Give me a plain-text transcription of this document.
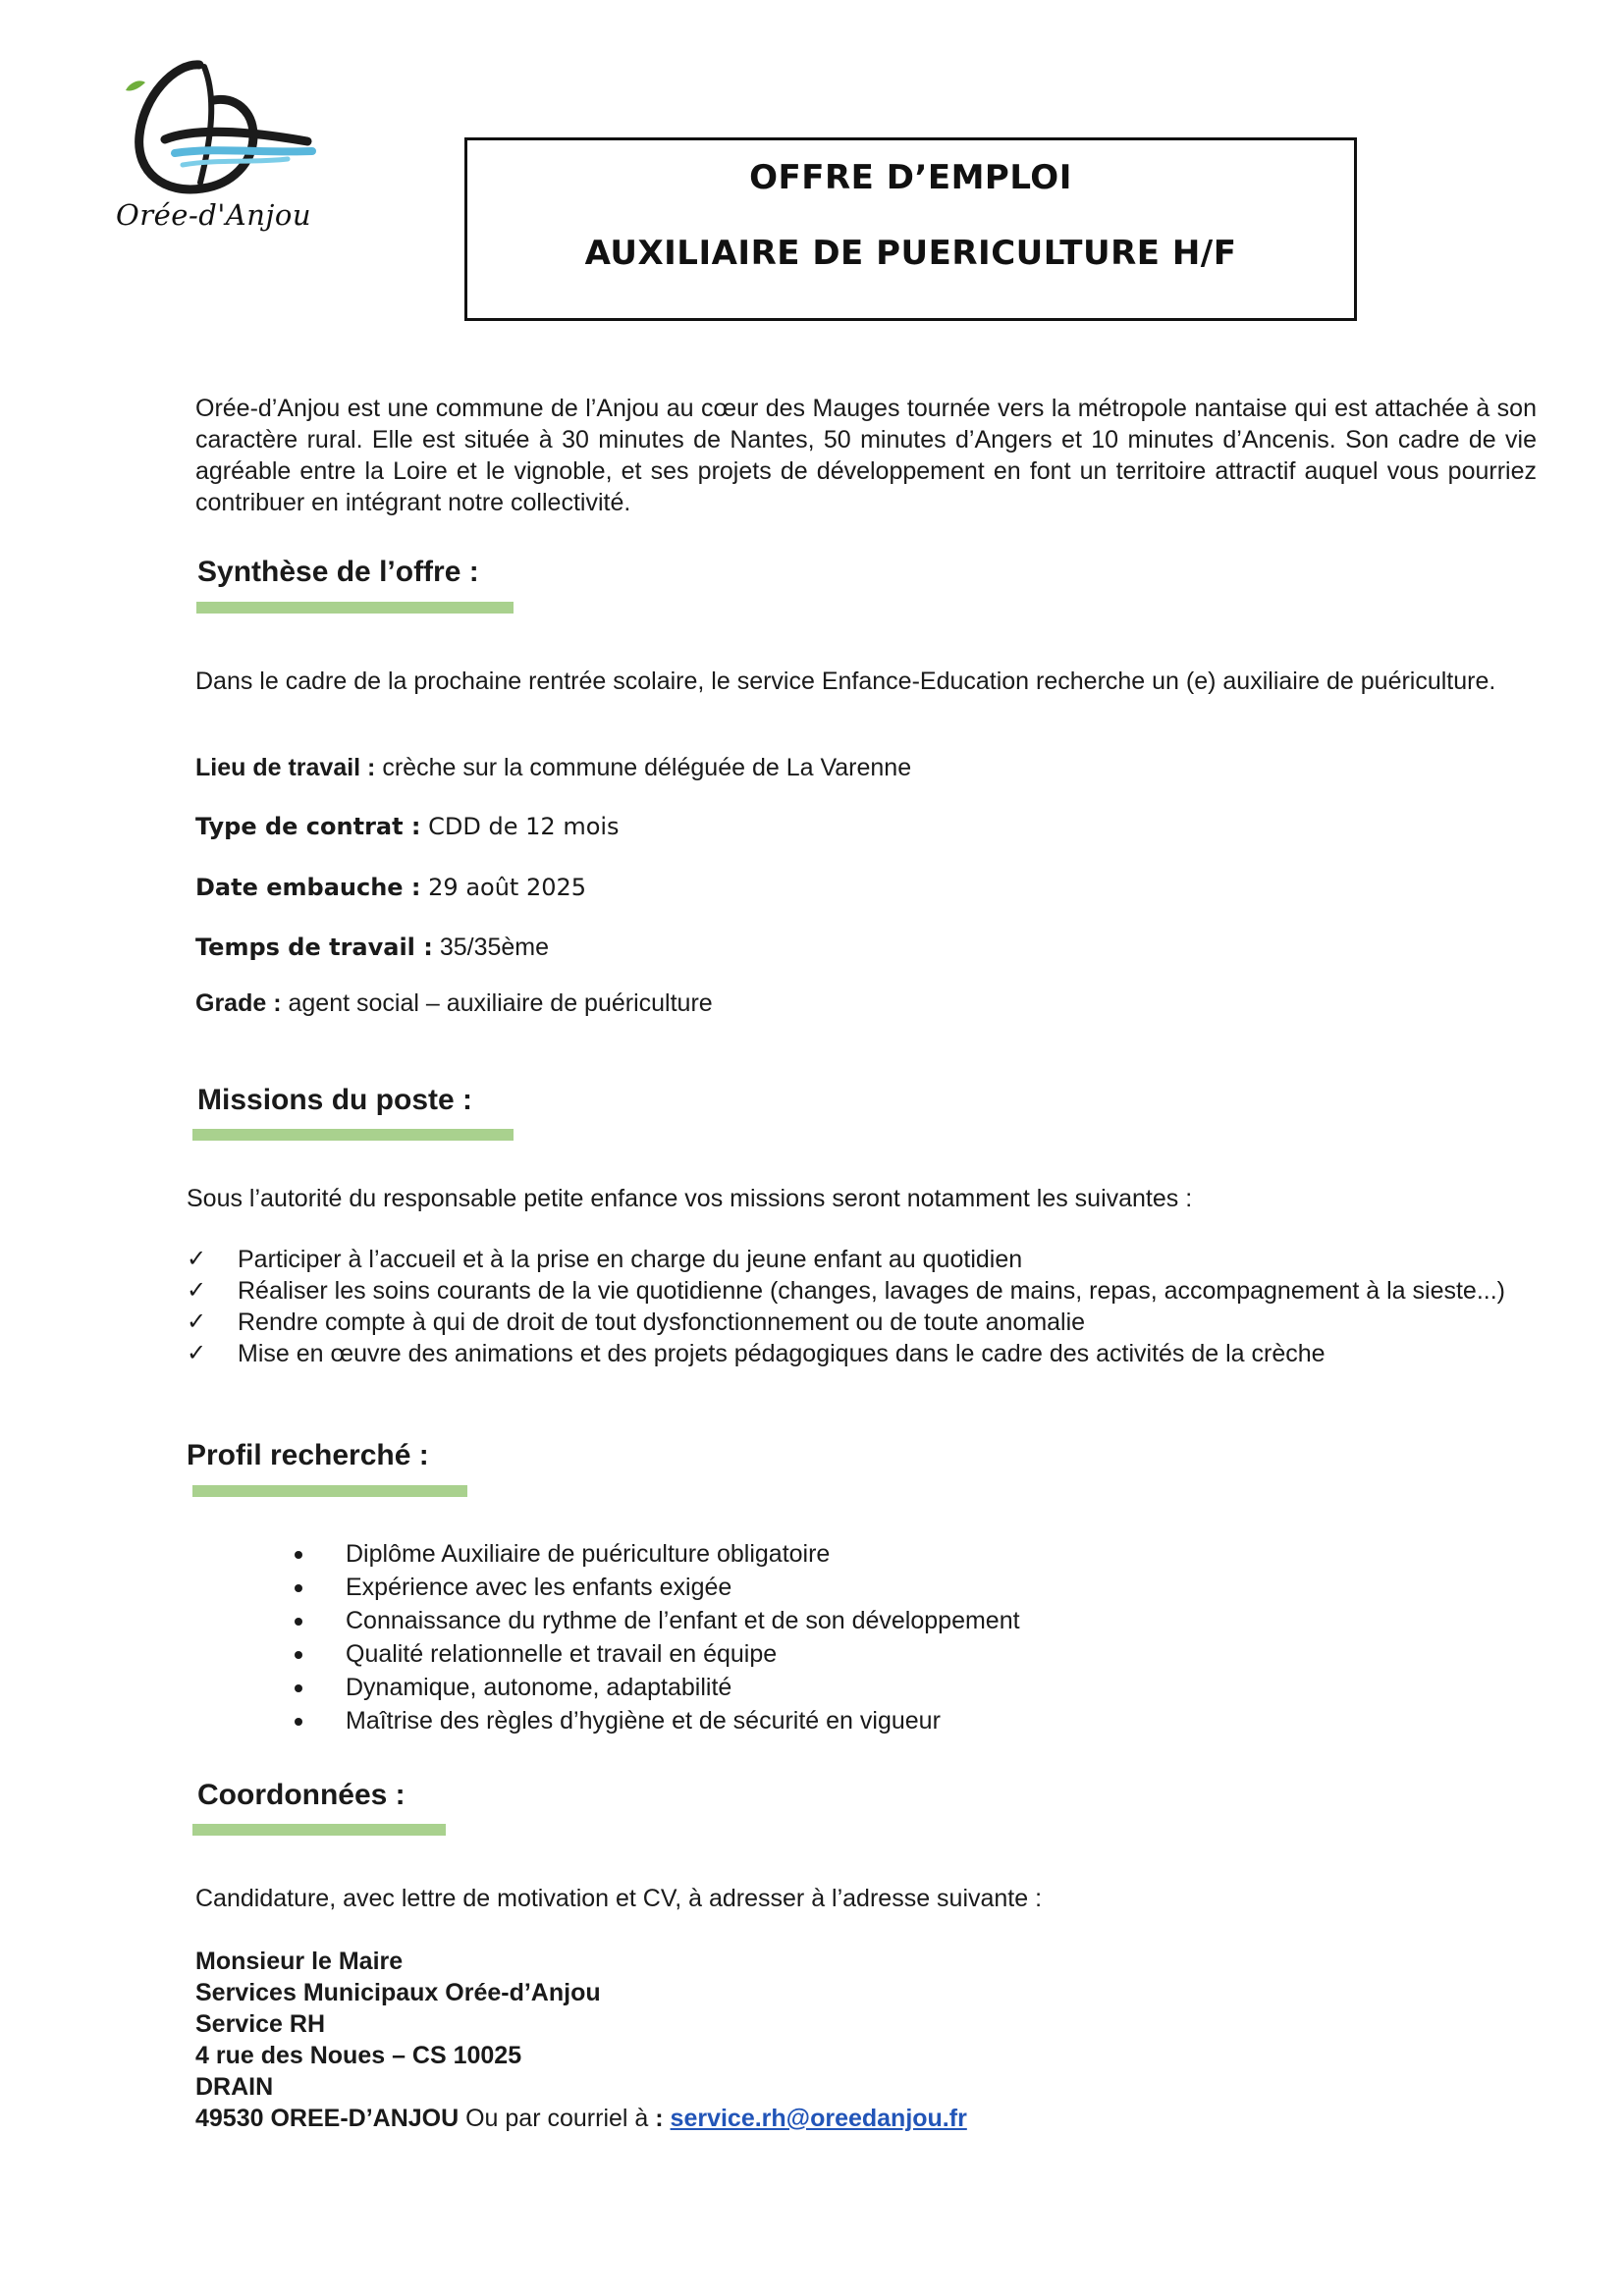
Orée-d'Anjou
OFFRE D’EMPLOI
AUXILIAIRE DE PUERICULTURE H/F
Orée-d’Anjou est une commune de l’Anjou au cœur des Mauges tournée vers la métropole nantaise qui est attachée à son caractère rural. Elle est située à 30 minutes de Nantes, 50 minutes d’Angers et 10 minutes d’Ancenis. Son cadre de vie agréable entre la Loire et le vignoble, et ses projets de développement en font un territoire attractif auquel vous pourriez contribuer en intégrant notre collectivité.
Synthèse de l’offre :
Dans le cadre de la prochaine rentrée scolaire, le service Enfance-Education recherche un (e) auxiliaire de puériculture.
Lieu de travail : crèche sur la commune déléguée de La Varenne
Type de contrat : CDD de 12 mois
Date embauche : 29 août 2025
Temps de travail : 35/35ème
Grade : agent social – auxiliaire de puériculture
Missions du poste :
Sous l’autorité du responsable petite enfance vos missions seront notamment les suivantes :
✓ Participer à l’accueil et à la prise en charge du jeune enfant au quotidien
✓ Réaliser les soins courants de la vie quotidienne (changes, lavages de mains, repas, accompagnement à la sieste...)
✓ Rendre compte à qui de droit de tout dysfonctionnement ou de toute anomalie
✓ Mise en œuvre des animations et des projets pédagogiques dans le cadre des activités de la crèche
Profil recherché :
Diplôme Auxiliaire de puériculture obligatoire
Expérience avec les enfants exigée
Connaissance du rythme de l’enfant et de son développement
Qualité relationnelle et travail en équipe
Dynamique, autonome, adaptabilité
Maîtrise des règles d’hygiène et de sécurité en vigueur
Coordonnées :
Candidature, avec lettre de motivation et CV, à adresser à l’adresse suivante :
Monsieur le Maire
Services Municipaux Orée-d’Anjou
Service RH
4 rue des Noues – CS 10025
DRAIN
49530 OREE-D’ANJOU Ou par courriel à : service.rh@oreedanjou.fr
